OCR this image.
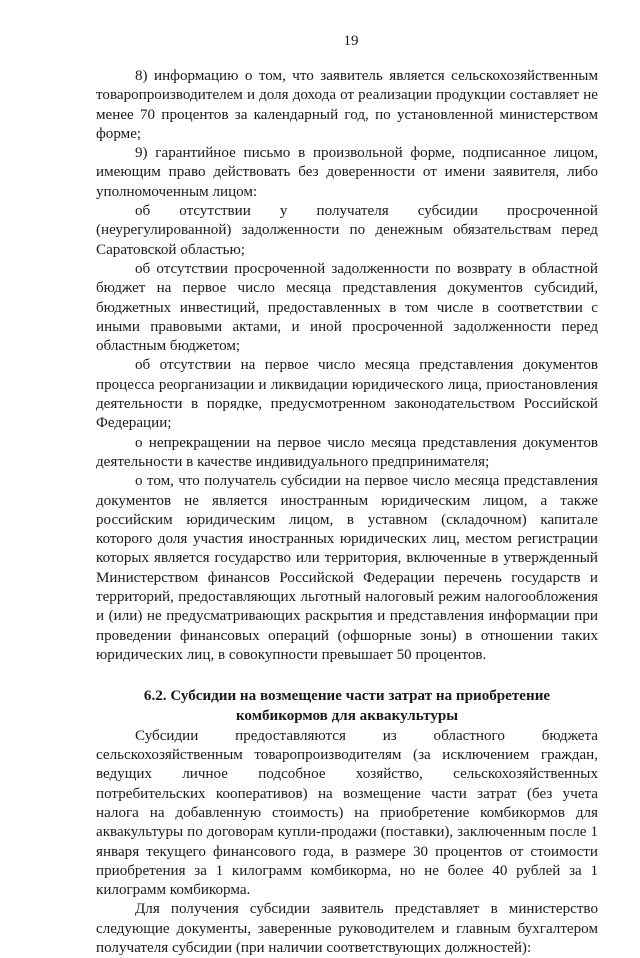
19

8) информацию о том, что заявитель является сельскохозяйственным товаропроизводителем и доля дохода от реализации продукции составляет не менее 70 процентов за календарный год, по установленной министерством форме;

9) гарантийное письмо в произвольной форме, подписанное лицом, имеющим право действовать без доверенности от имени заявителя, либо уполномоченным лицом:

об отсутствии у получателя субсидии просроченной (неурегулированной) задолженности по денежным обязательствам перед Саратовской областью;

об отсутствии просроченной задолженности по возврату в областной бюджет на первое число месяца представления документов субсидий, бюджетных инвестиций, предоставленных в том числе в соответствии с иными правовыми актами, и иной просроченной задолженности перед областным бюджетом;

об отсутствии на первое число месяца представления документов процесса реорганизации и ликвидации юридического лица, приостановления деятельности в порядке, предусмотренном законодательством Российской Федерации;

о непрекращении на первое число месяца представления документов деятельности в качестве индивидуального предпринимателя;

о том, что получатель субсидии на первое число месяца представления документов не является иностранным юридическим лицом, а также российским юридическим лицом, в уставном (складочном) капитале которого доля участия иностранных юридических лиц, местом регистрации которых является государство или территория, включенные в утвержденный Министерством финансов Российской Федерации перечень государств и территорий, предоставляющих льготный налоговый режим налогообложения и (или) не предусматривающих раскрытия и представления информации при проведении финансовых операций (офшорные зоны) в отношении таких юридических лиц, в совокупности превышает 50 процентов.

6.2. Субсидии на возмещение части затрат на приобретение
комбикормов для аквакультуры

Субсидии предоставляются из областного бюджета сельскохозяйственным товаропроизводителям (за исключением граждан, ведущих личное подсобное хозяйство, сельскохозяйственных потребительских кооперативов) на возмещение части затрат (без учета налога на добавленную стоимость) на приобретение комбикормов для аквакультуры по договорам купли-продажи (поставки), заключенным после 1 января текущего финансового года, в размере 30 процентов от стоимости приобретения за 1 килограмм комбикорма, но не более 40 рублей за 1 килограмм комбикорма.

Для получения субсидии заявитель представляет в министерство следующие документы, заверенные руководителем и главным бухгалтером получателя субсидии (при наличии соответствующих должностей):
